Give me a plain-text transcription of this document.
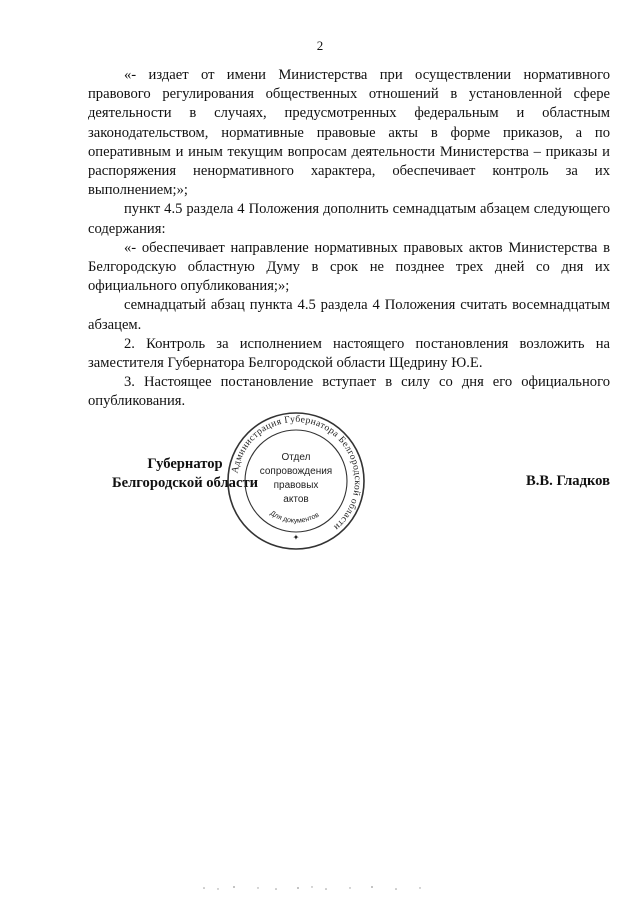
2

«- издает от имени Министерства при осуществлении нормативного правового регулирования общественных отношений в установленной сфере деятельности в случаях, предусмотренных федеральным и областным законодательством, нормативные правовые акты в форме приказов, а по оперативным и иным текущим вопросам деятельности Министерства – приказы и распоряжения ненормативного характера, обеспечивает контроль за их выполнением;»;

пункт 4.5 раздела 4 Положения дополнить семнадцатым абзацем следующего содержания:

«- обеспечивает направление нормативных правовых актов Министерства в Белгородскую областную Думу в срок не позднее трех дней со дня их официального опубликования;»;

семнадцатый абзац пункта 4.5 раздела 4 Положения считать восемнадцатым абзацем.

2. Контроль за исполнением настоящего постановления возложить на заместителя Губернатора Белгородской области Щедрину Ю.Е.

3. Настоящее постановление вступает в силу со дня его официального опубликования.

Губернатор
Белгородской области	В.В. Гладков
Администрация Губернатора Белгородской области
Для документов
Отдел
сопровождения
правовых
актов
✦
